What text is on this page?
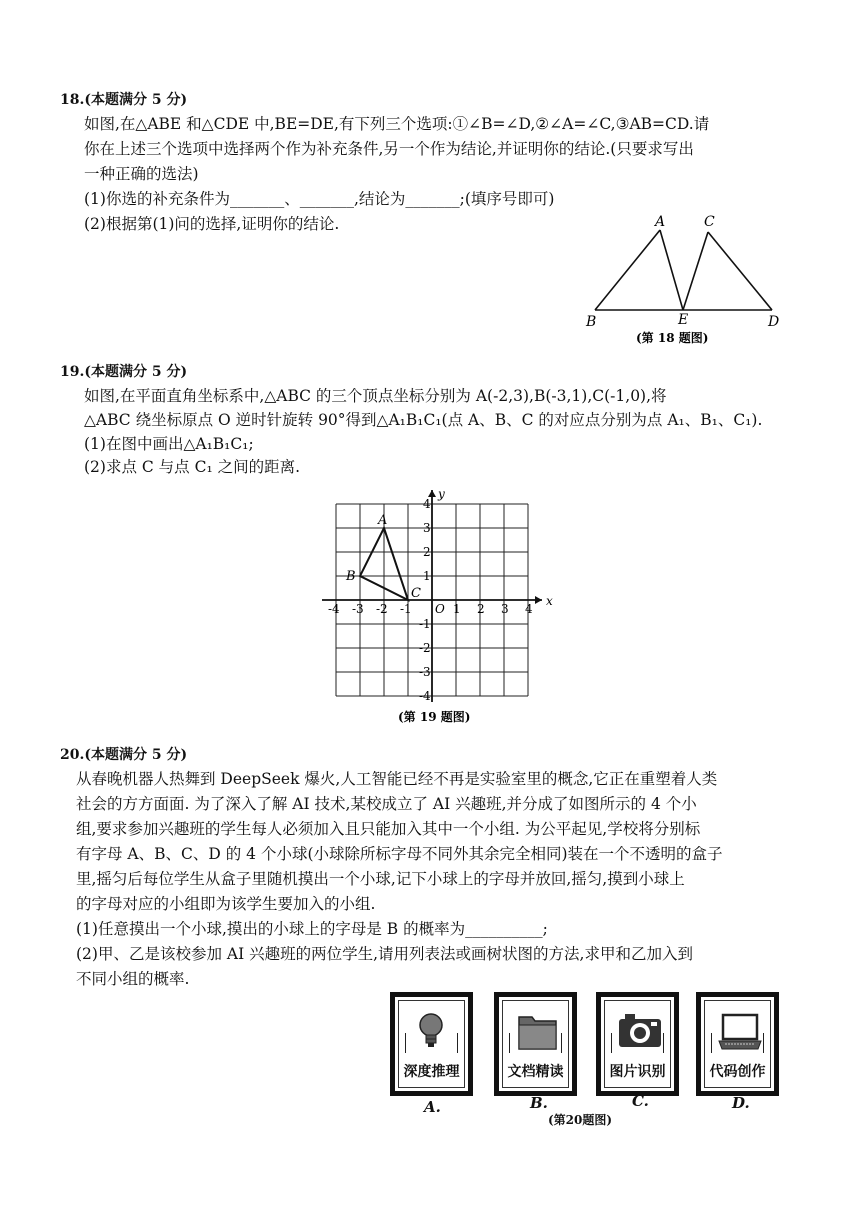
18.(本题满分 5 分)
如图,在△ABE 和△CDE 中,BE=DE,有下列三个选项:①∠B=∠D,②∠A=∠C,③AB=CD.请
你在上述三个选项中选择两个作为补充条件,另一个作为结论,并证明你的结论.(只要求写出
一种正确的选法)
(1)你选的补充条件为_______、_______,结论为_______;(填序号即可)
(2)根据第(1)问的选择,证明你的结论.	A	C
B	E	D
(第 18 题图)
19.(本题满分 5 分)
如图,在平面直角坐标系中,△ABC 的三个顶点坐标分别为 A(-2,3),B(-3,1),C(-1,0),将
△ABC 绕坐标原点 O 逆时针旋转 90°得到△A₁B₁C₁(点 A、B、C 的对应点分别为点 A₁、B₁、C₁).
(1)在图中画出△A₁B₁C₁;
(2)求点 C 与点 C₁ 之间的距离.
-4 -3 -2 -1	1 2 3 4
4
3
2
1
-1
-2
-3
-4
A
B
C	x
y
O
(第 19 题图)
20.(本题满分 5 分)
从春晚机器人热舞到 DeepSeek 爆火,人工智能已经不再是实验室里的概念,它正在重塑着人类
社会的方方面面. 为了深入了解 AI 技术,某校成立了 AI 兴趣班,并分成了如图所示的 4 个小
组,要求参加兴趣班的学生每人必须加入且只能加入其中一个小组. 为公平起见,学校将分别标
有字母 A、B、C、D 的 4 个小球(小球除所标字母不同外其余完全相同)装在一个不透明的盒子
里,摇匀后每位学生从盒子里随机摸出一个小球,记下小球上的字母并放回,摇匀,摸到小球上
的字母对应的小组即为该学生要加入的小组.
(1)任意摸出一个小球,摸出的小球上的字母是 B 的概率为__________;
(2)甲、乙是该校参加 AI 兴趣班的两位学生,请用列表法或画树状图的方法,求甲和乙加入到
不同小组的概率.
深度推理	文档精读	图片识别	代码创作
A.	B.	C.	D.
(第20题图)
